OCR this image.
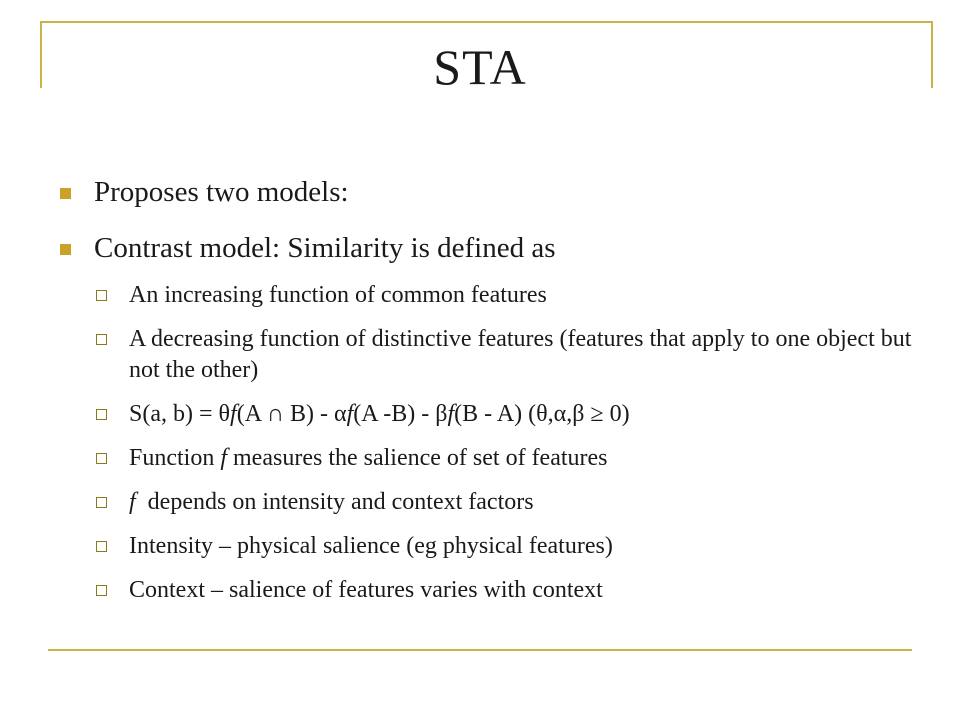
STA
Proposes two models:
Contrast model: Similarity is defined as
An increasing function of common features
A decreasing function of distinctive features (features that apply to one object but not the other)
S(a, b) = θf(A ∩ B) - αf(A -B) - βf(B - A) (θ,α,β ≥ 0)
Function f measures the salience of set of features
f  depends on intensity and context factors
Intensity – physical salience (eg physical features)
Context – salience of features varies with context
